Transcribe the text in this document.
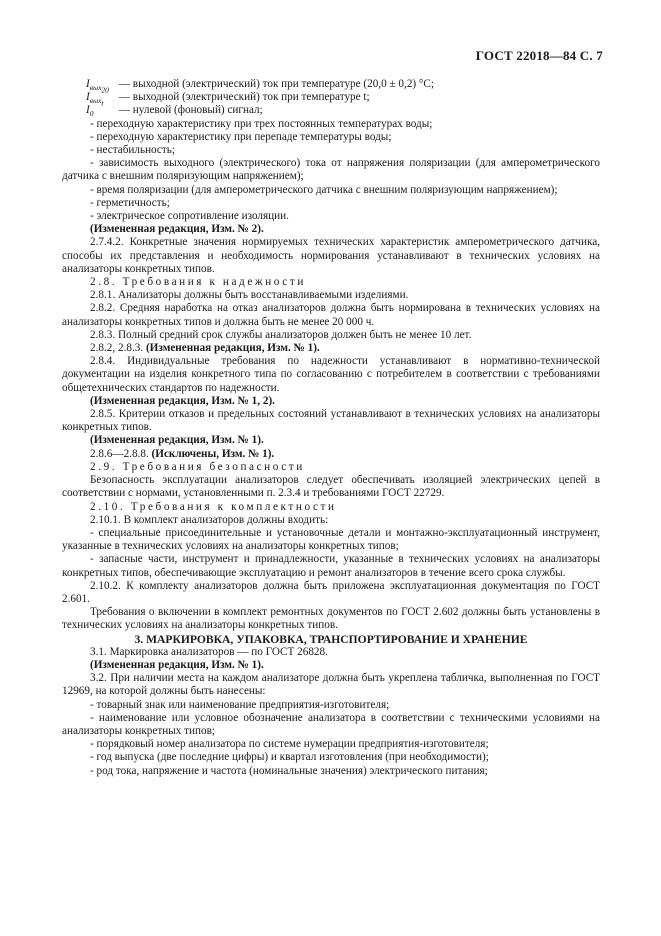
ГОСТ 22018—84 С. 7

$I_{вых_{20}}$ — выходной (электрический) ток при температуре (20,0 ± 0,2) °С;

$I_{вых_t}$ — выходной (электрический) ток при температуре t;

$I_0$ — нулевой (фоновый) сигнал;

- переходную характеристику при трех постоянных температурах воды;

- переходную характеристику при перепаде температуры воды;

- нестабильность;

- зависимость выходного (электрического) тока от напряжения поляризации (для амперометрического датчика с внешним поляризующим напряжением);

- время поляризации (для амперометрического датчика с внешним поляризующим напряжением);

- герметичность;

- электрическое сопротивление изоляции.

(Измененная редакция, Изм. № 2).

2.7.4.2. Конкретные значения нормируемых технических характеристик амперометрического датчика, способы их представления и необходимость нормирования устанавливают в технических условиях на анализаторы конкретных типов.

2.8. Требования к надежности

2.8.1. Анализаторы должны быть восстанавливаемыми изделиями.

2.8.2. Средняя наработка на отказ анализаторов должна быть нормирована в технических условиях на анализаторы конкретных типов и должна быть не менее 20 000 ч.

2.8.3. Полный средний срок службы анализаторов должен быть не менее 10 лет.

2.8.2, 2.8.3. (Измененная редакция, Изм. № 1).

2.8.4. Индивидуальные требования по надежности устанавливают в нормативно-технической документации на изделия конкретного типа по согласованию с потребителем в соответствии с требованиями общетехнических стандартов по надежности.

(Измененная редакция, Изм. № 1, 2).

2.8.5. Критерии отказов и предельных состояний устанавливают в технических условиях на анализаторы конкретных типов.

(Измененная редакция, Изм. № 1).

2.8.6—2.8.8. (Исключены, Изм. № 1).

2.9. Требования безопасности

Безопасность эксплуатации анализаторов следует обеспечивать изоляцией электрических цепей в соответствии с нормами, установленными п. 2.3.4 и требованиями ГОСТ 22729.

2.10. Требования к комплектности

2.10.1. В комплект анализаторов должны входить:

- специальные присоединительные и установочные детали и монтажно-эксплуатационный инструмент, указанные в технических условиях на анализаторы конкретных типов;

- запасные части, инструмент и принадлежности, указанные в технических условиях на анализаторы конкретных типов, обеспечивающие эксплуатацию и ремонт анализаторов в течение всего срока службы.

2.10.2. К комплекту анализаторов должна быть приложена эксплуатационная документация по ГОСТ 2.601.

Требования о включении в комплект ремонтных документов по ГОСТ 2.602 должны быть установлены в технических условиях на анализаторы конкретных типов.

3. МАРКИРОВКА, УПАКОВКА, ТРАНСПОРТИРОВАНИЕ И ХРАНЕНИЕ

3.1. Маркировка анализаторов — по ГОСТ 26828.

(Измененная редакция, Изм. № 1).

3.2. При наличии места на каждом анализаторе должна быть укреплена табличка, выполненная по ГОСТ 12969, на которой должны быть нанесены:

- товарный знак или наименование предприятия-изготовителя;

- наименование или условное обозначение анализатора в соответствии с техническими условиями на анализаторы конкретных типов;

- порядковый номер анализатора по системе нумерации предприятия-изготовителя;

- год выпуска (две последние цифры) и квартал изготовления (при необходимости);

- род тока, напряжение и частота (номинальные значения) электрического питания;
